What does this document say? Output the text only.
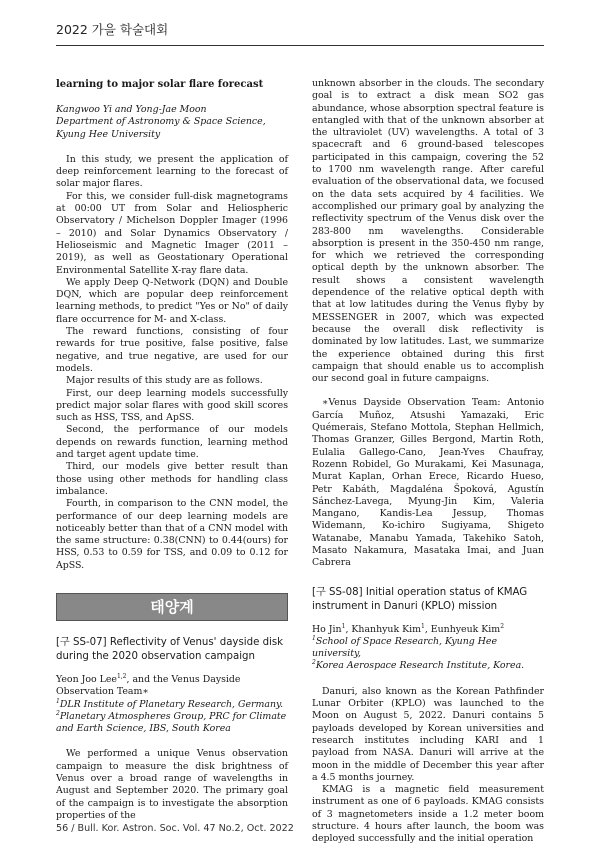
2022 가을 학술대회

learning to major solar flare forecast

Kangwoo Yi and Yong-Jae Moon

Department of Astronomy & Space Science,

Kyung Hee University

In this study, we present the application of deep reinforcement learning to the forecast of solar major flares.

For this, we consider full-disk magnetograms at 00:00 UT from Solar and Heliospheric Observatory / Michelson Doppler Imager (1996 – 2010) and Solar Dynamics Observatory / Helioseismic and Magnetic Imager (2011 – 2019), as well as Geostationary Operational Environmental Satellite X-ray flare data.

We apply Deep Q-Network (DQN) and Double DQN, which are popular deep reinforcement learning methods, to predict "Yes or No" of daily flare occurrence for M- and X-class.

The reward functions, consisting of four rewards for true positive, false positive, false negative, and true negative, are used for our models.

Major results of this study are as follows.

First, our deep learning models successfully predict major solar flares with good skill scores such as HSS, TSS, and ApSS.

Second, the performance of our models depends on rewards function, learning method and target agent update time.

Third, our models give better result than those using other methods for handling class imbalance.

Fourth, in comparison to the CNN model, the performance of our deep learning models are noticeably better than that of a CNN model with the same structure: 0.38(CNN) to 0.44(ours) for HSS, 0.53 to 0.59 for TSS, and 0.09 to 0.12 for ApSS.

태양계

[구 SS-07] Reflectivity of Venus' dayside disk during the 2020 observation campaign

Yeon Joo Lee$^{1,2}$, and the Venus Dayside

Observation Team∗

$^1$DLR Institute of Planetary Research, Germany.

$^2$Planetary Atmospheres Group, PRC for Climate and Earth Science, IBS, South Korea

We performed a unique Venus observation campaign to measure the disk brightness of Venus over a broad range of wavelengths in August and September 2020. The primary goal of the campaign is to investigate the absorption properties of the

unknown absorber in the clouds. The secondary goal is to extract a disk mean SO2 gas abundance, whose absorption spectral feature is entangled with that of the unknown absorber at the ultraviolet (UV) wavelengths. A total of 3 spacecraft and 6 ground-based telescopes participated in this campaign, covering the 52 to 1700 nm wavelength range. After careful evaluation of the observational data, we focused on the data sets acquired by 4 facilities. We accomplished our primary goal by analyzing the reflectivity spectrum of the Venus disk over the 283-800 nm wavelengths. Considerable absorption is present in the 350-450 nm range, for which we retrieved the corresponding optical depth by the unknown absorber. The result shows a consistent wavelength dependence of the relative optical depth with that at low latitudes during the Venus flyby by MESSENGER in 2007, which was expected because the overall disk reflectivity is dominated by low latitudes. Last, we summarize the experience obtained during this first campaign that should enable us to accomplish our second goal in future campaigns.

∗Venus Dayside Observation Team: Antonio García Muñoz, Atsushi Yamazaki, Eric Quémerais, Stefano Mottola, Stephan Hellmich, Thomas Granzer, Gilles Bergond, Martin Roth, Eulalia Gallego-Cano, Jean-Yves Chaufray, Rozenn Robidel, Go Murakami, Kei Masunaga, Murat Kaplan, Orhan Erece, Ricardo Hueso, Petr Kabáth, Magdaléna Špoková, Agustín Sánchez-Lavega, Myung-Jin Kim, Valeria Mangano, Kandis-Lea Jessup, Thomas Widemann, Ko-ichiro Sugiyama, Shigeto Watanabe, Manabu Yamada, Takehiko Satoh, Masato Nakamura, Masataka Imai, and Juan Cabrera

[구 SS-08] Initial operation status of KMAG instrument in Danuri (KPLO) mission

Ho Jin$^1$, Khanhyuk Kim$^1$, Eunhyeuk Kim$^2$

$^1$School of Space Research, Kyung Hee university,

$^2$Korea Aerospace Research Institute, Korea.

Danuri, also known as the Korean Pathfinder Lunar Orbiter (KPLO) was launched to the Moon on August 5, 2022. Danuri contains 5 payloads developed by Korean universities and research institutes including KARI and 1 payload from NASA. Danuri will arrive at the moon in the middle of December this year after a 4.5 months journey.

KMAG is a magnetic field measurement instrument as one of 6 payloads. KMAG consists of 3 magnetometers inside a 1.2 meter boom structure. 4 hours after launch, the boom was deployed successfully and the initial operation

56 / Bull. Kor. Astron. Soc. Vol. 47 No.2, Oct. 2022
